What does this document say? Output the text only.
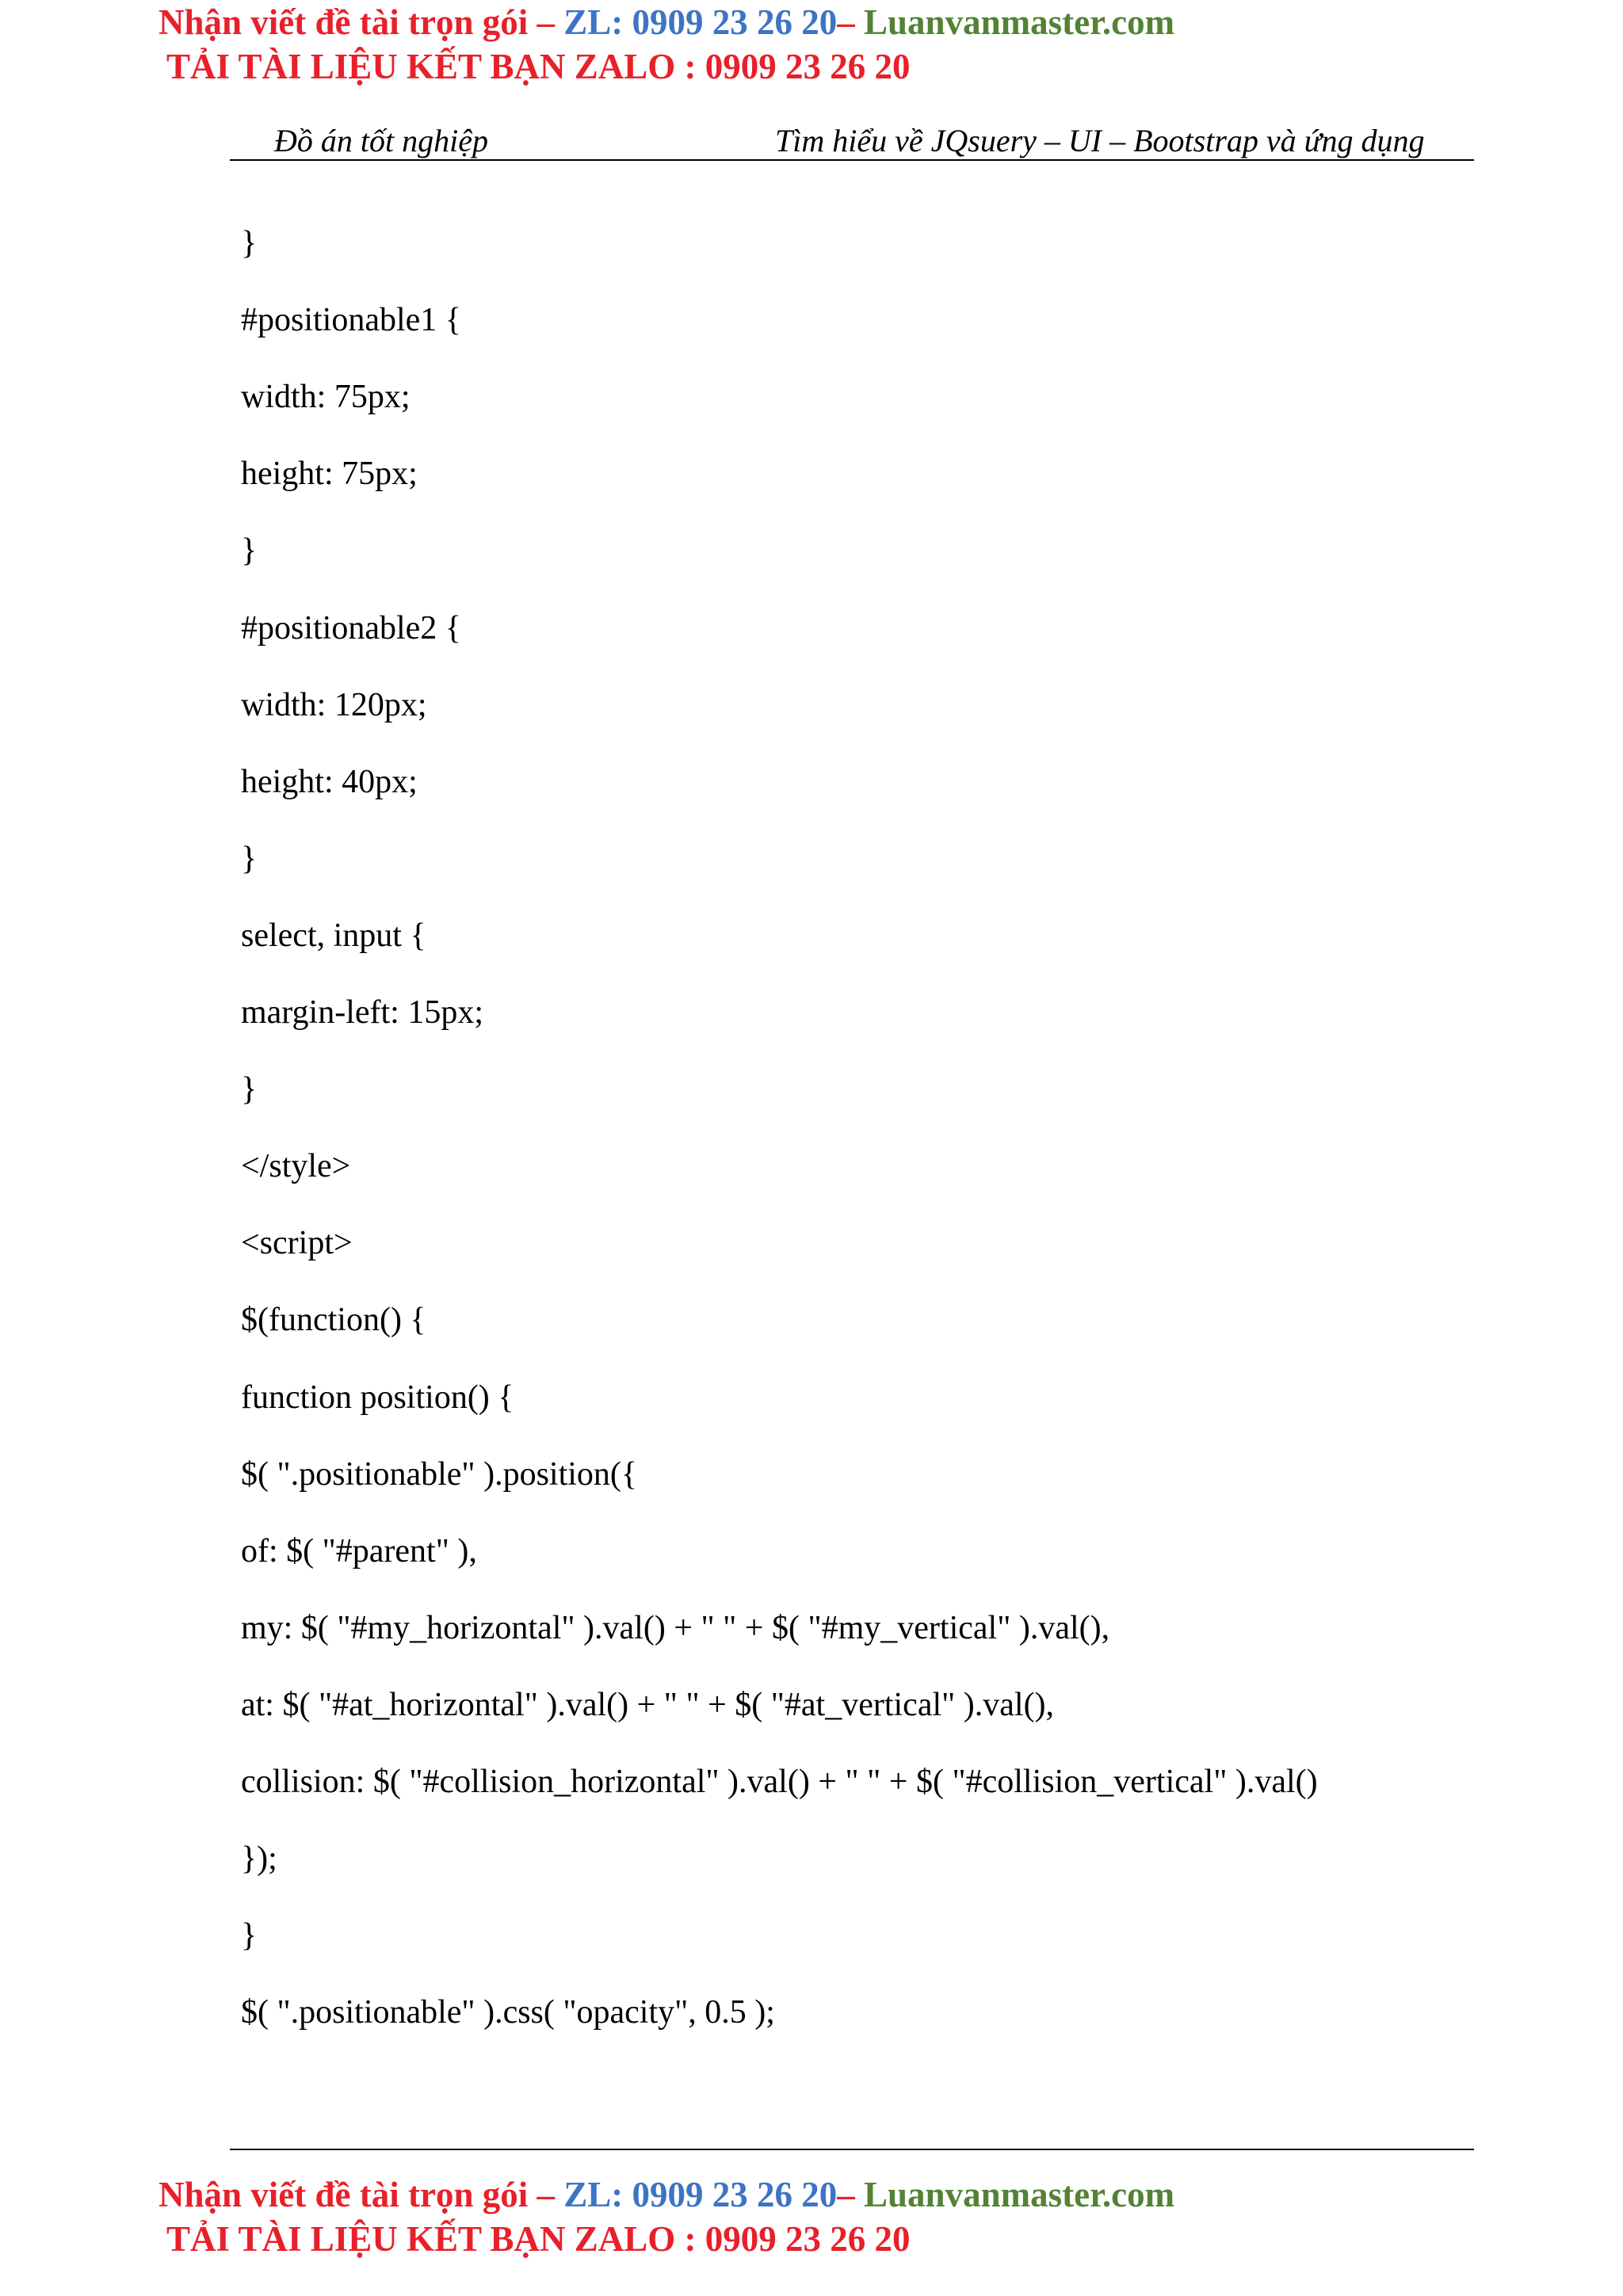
Nhận viết đề tài trọn gói – ZL: 0909 23 26 20– Luanvanmaster.com
TẢI TÀI LIỆU KẾT BẠN ZALO : 0909 23 26 20
Đồ án tốt nghiệp	Tìm hiểu về JQsuery – UI – Bootstrap và ứng dụng
}
#positionable1 {
width: 75px;
height: 75px;
}
#positionable2 {
width: 120px;
height: 40px;
}
select, input {
margin-left: 15px;
}
</style>
<script>
$(function() {
function position() {
$( ".positionable" ).position({
of: $( "#parent" ),
my: $( "#my_horizontal" ).val() + " " + $( "#my_vertical" ).val(),
at: $( "#at_horizontal" ).val() + " " + $( "#at_vertical" ).val(),
collision: $( "#collision_horizontal" ).val() + " " + $( "#collision_vertical" ).val()
});
}
$( ".positionable" ).css( "opacity", 0.5 );
Nhận viết đề tài trọn gói – ZL: 0909 23 26 20– Luanvanmaster.com
TẢI TÀI LIỆU KẾT BẠN ZALO : 0909 23 26 20
